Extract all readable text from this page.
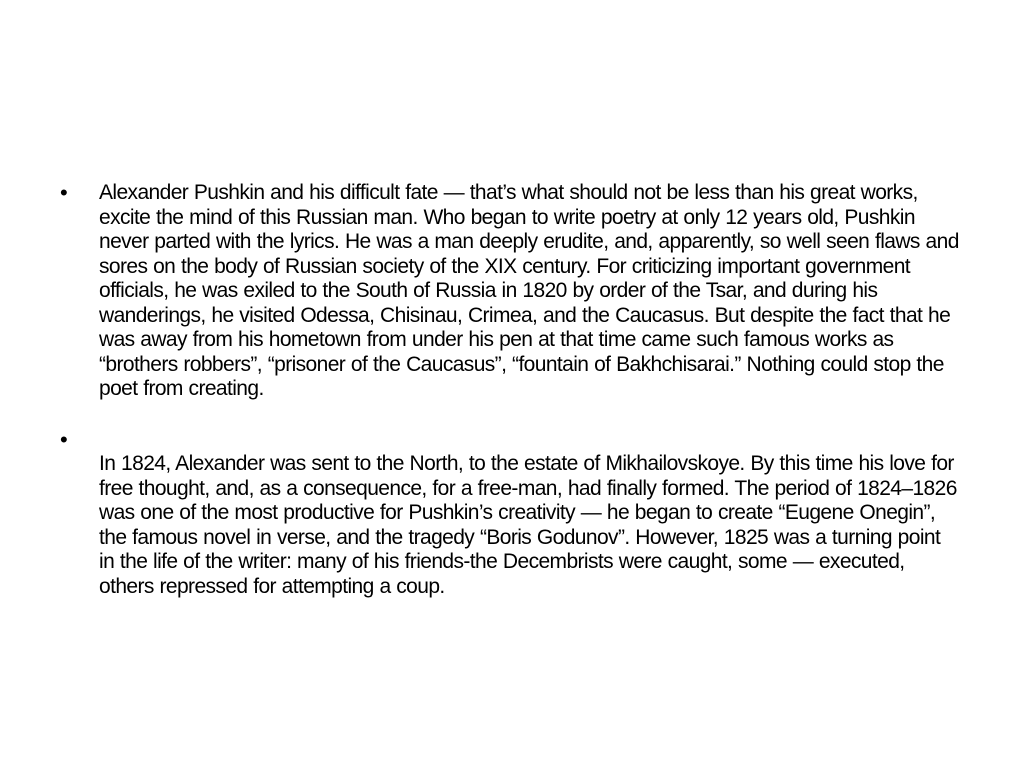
•	Alexander Pushkin and his difficult fate — that’s what should not be less than his great works, excite the mind of this Russian man. Who began to write poetry at only 12 years old, Pushkin never parted with the lyrics. He was a man deeply erudite, and, apparently, so well seen flaws and sores on the body of Russian society of the XIX century. For criticizing important government officials, he was exiled to the South of Russia in 1820 by order of the Tsar, and during his wanderings, he visited Odessa, Chisinau, Crimea, and the Caucasus. But despite the fact that he was away from his hometown from under his pen at that time came such famous works as “brothers robbers”, “prisoner of the Caucasus”, “fountain of Bakhchisarai.” Nothing could stop the poet from creating.
•
In 1824, Alexander was sent to the North, to the estate of Mikhailovskoye. By this time his love for free thought, and, as a consequence, for a free-man, had finally formed. The period of 1824–1826 was one of the most productive for Pushkin’s creativity — he began to create “Eugene Onegin”, the famous novel in verse, and the tragedy “Boris Godunov”. However, 1825 was a turning point in the life of the writer: many of his friends-the Decembrists were caught, some — executed, others repressed for attempting a coup.
